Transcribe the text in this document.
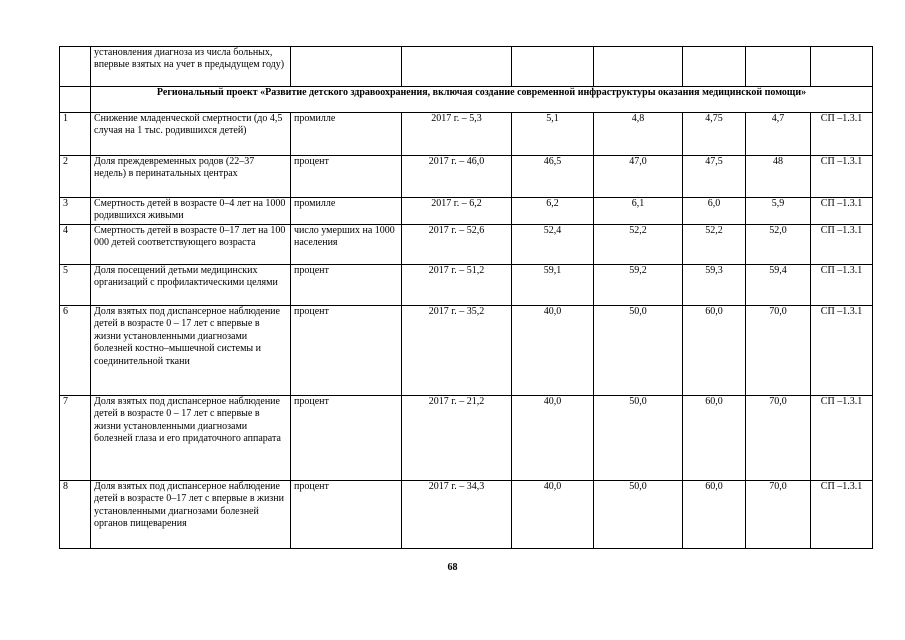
	установления диагноза из числа больных, впервые взятых на учет в предыдущем году)							
	Региональный проект «Развитие детского здравоохранения, включая создание современной инфраструктуры оказания медицинской помощи»							
1	Снижение младенческой смертности (до 4,5 случая на 1 тыс. родившихся детей)	промилле	2017 г. – 5,3	5,1	4,8	4,75	4,7	СП –1.3.1
2	Доля преждевременных родов (22–37 недель) в перинатальных центрах	процент	2017 г. – 46,0	46,5	47,0	47,5	48	СП –1.3.1
3	Смертность детей в возрасте 0–4 лет на 1000 родившихся живыми	промилле	2017 г. – 6,2	6,2	6,1	6,0	5,9	СП –1.3.1
4	Смертность детей в возрасте 0–17 лет на 100 000 детей соответствующего возраста	число умерших на 1000 населения	2017 г. – 52,6	52,4	52,2	52,2	52,0	СП –1.3.1
5	Доля посещений детьми медицинских организаций с профилактическими целями	процент	2017 г. – 51,2	59,1	59,2	59,3	59,4	СП –1.3.1
6	Доля взятых под диспансерное наблюдение детей в возрасте 0 – 17 лет с впервые в жизни установленными диагнозами болезней костно–мышечной системы и соединительной ткани	процент	2017 г. – 35,2	40,0	50,0	60,0	70,0	СП –1.3.1
7	Доля взятых под диспансерное наблюдение детей в возрасте 0 – 17 лет с впервые в жизни установленными диагнозами болезней глаза и его придаточного аппарата	процент	2017 г. – 21,2	40,0	50,0	60,0	70,0	СП –1.3.1
8	Доля взятых под диспансерное наблюдение детей в возрасте 0–17 лет с впервые в жизни установленными диагнозами болезней органов пищеварения	процент	2017 г. – 34,3	40,0	50,0	60,0	70,0	СП –1.3.1
68
